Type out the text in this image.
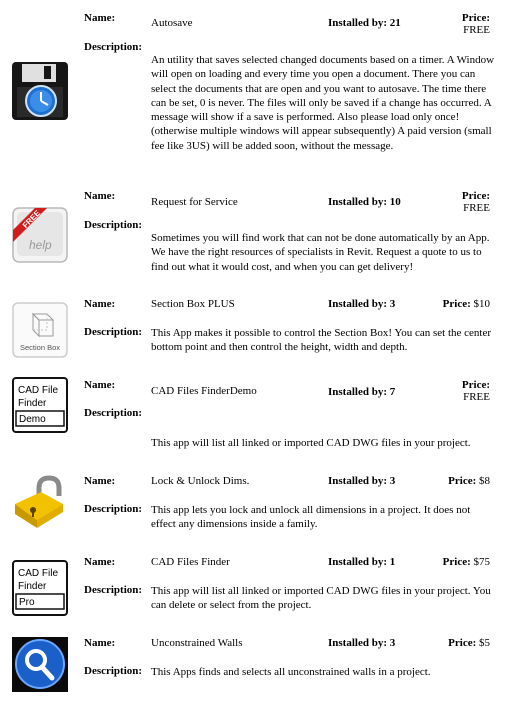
Name:	Autosave	Installed by: 21	Price:
FREE
Description:
An utility that saves selected changed documents based on a timer. A Window will open on loading and every time you open a document. There you can select the documents that are open and you want to autosave. The time there can be set, 0 is never. The files will only be saved if a change has occurred. A message will show if a save is performed. Also please load only once! (otherwise multiple windows will appear subsequently) A paid version (small fee like 3US) will be added soon, without the message.
Name:	Request for Service	Installed by: 10	Price:
FREE
Description:
Sometimes you will find work that can not be done automatically by an App. We have the right resources of specialists in Revit. Request a quote to us to find out what it would cost, and when you can get delivery!
FREE
help
Name:	Section Box PLUS	Installed by: 3	Price: $10
Description: This App makes it possible to control the Section Box! You can set the center bottom point and then control the height, width and depth.
Section Box
Name:	CAD Files FinderDemo	Installed by: 7
Price:
FREE
Description:
This app will list all linked or imported CAD DWG files in your project.
CAD File
Finder
Demo
Name:	Lock & Unlock Dims.	Installed by: 3	Price: $8
Description: This app lets you lock and unlock all dimensions in a project. It does not effect any dimensions inside a family.
Name:	CAD Files Finder	Installed by: 1	Price: $75
Description: This app will list all linked or imported CAD DWG files in your project. You can delete or select from the project.
CAD File
Finder
Pro
Name:	Unconstrained Walls	Installed by: 3	Price: $5
Description: This Apps finds and selects all unconstrained walls in a project.
